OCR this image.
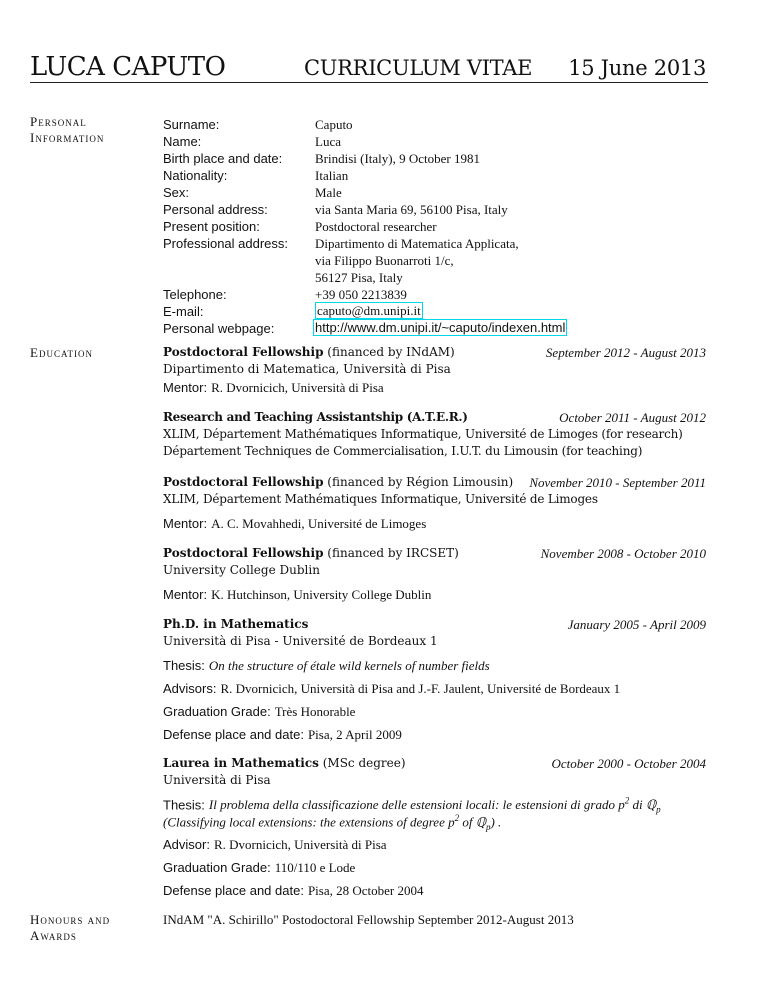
LUCA CAPUTO	CURRICULUM VITAE 15 June 2013
Personal
Information
Surname:	Caputo
Name:	Luca
Birth place and date:	Brindisi (Italy), 9 October 1981
Nationality:	Italian
Sex:	Male
Personal address:	via Santa Maria 69, 56100 Pisa, Italy
Present position:	Postdoctoral researcher
Professional address: Dipartimento di Matematica Applicata,
via Filippo Buonarroti 1/c,
56127 Pisa, Italy
Telephone:	+39 050 2213839
E-mail:	caputo@dm.unipi.it
Personal webpage:	http://www.dm.unipi.it/~caputo/indexen.html
Education	Postdoctoral Fellowship (financed by INdAM)	September 2012 - August 2013
Dipartimento di Matematica, Università di Pisa
Mentor: R. Dvornicich, Università di Pisa
Research and Teaching Assistantship (A.T.E.R.)	October 2011 - August 2012
XLIM, Département Mathématiques Informatique, Université de Limoges (for research)
Département Techniques de Commercialisation, I.U.T. du Limousin (for teaching)
Postdoctoral Fellowship (financed by Région Limousin) November 2010 - September 2011
XLIM, Département Mathématiques Informatique, Université de Limoges
Mentor: A. C. Movahhedi, Université de Limoges
Postdoctoral Fellowship (financed by IRCSET)	November 2008 - October 2010
University College Dublin
Mentor: K. Hutchinson, University College Dublin
Ph.D. in Mathematics	January 2005 - April 2009
Università di Pisa - Université de Bordeaux 1
Thesis: On the structure of étale wild kernels of number fields
Advisors: R. Dvornicich, Università di Pisa and J.-F. Jaulent, Université de Bordeaux 1
Graduation Grade: Très Honorable
Defense place and date: Pisa, 2 April 2009
Laurea in Mathematics (MSc degree)	October 2000 - October 2004
Università di Pisa
Thesis: Il problema della classificazione delle estensioni locali: le estensioni di grado $p^2$ di ℚ$_p$
(Classifying local extensions: the extensions of degree $p^2$ of ℚ$_p$) .
Advisor: R. Dvornicich, Università di Pisa
Graduation Grade: 110/110 e Lode
Defense place and date: Pisa, 28 October 2004
Honours and
Awards
INdAM "A. Schirillo" Postodoctoral Fellowship September 2012-August 2013
